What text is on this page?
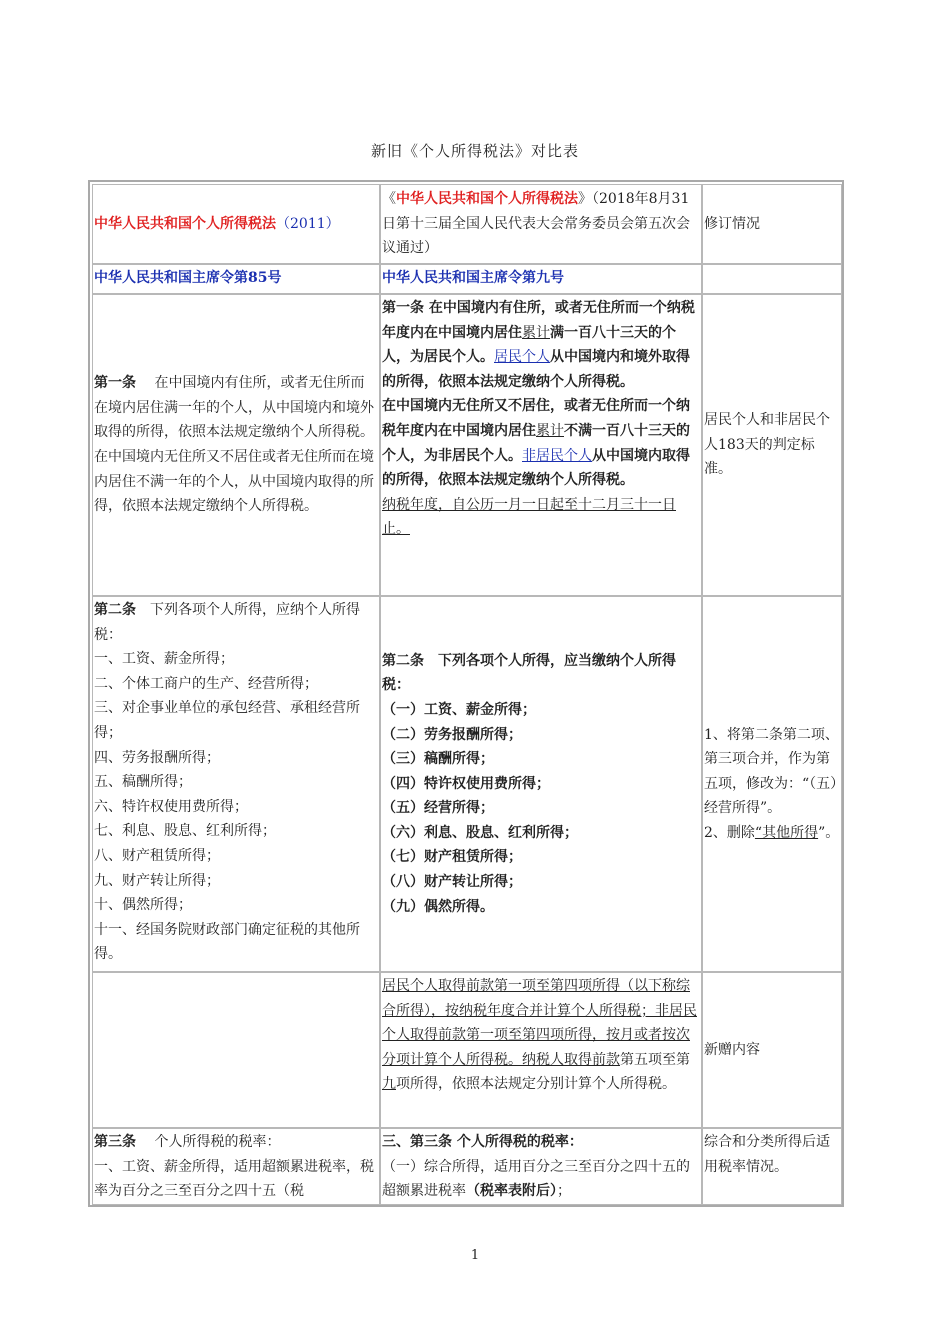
新旧《个人所得税法》对比表

中华人民共和国个人所得税法（2011）

《中华人民共和国个人所得税法》（2018年8月31日第十三届全国人民代表大会常务委员会第五次会议通过）

修订情况

中华人民共和国主席令第85号	中华人民共和国主席令第九号

第一条　 在中国境内有住所，或者无住所而在境内居住满一年的个人，从中国境内和境外取得的所得，依照本法规定缴纳个人所得税。

在中国境内无住所又不居住或者无住所而在境内居住不满一年的个人，从中国境内取得的所得，依照本法规定缴纳个人所得税。

第一条 在中国境内有住所，或者无住所而一个纳税年度内在中国境内居住累计满一百八十三天的个人，为居民个人。居民个人从中国境内和境外取得的所得，依照本法规定缴纳个人所得税。

在中国境内无住所又不居住，或者无住所而一个纳税年度内在中国境内居住累计不满一百八十三天的个人，为非居民个人。非居民个人从中国境内取得的所得，依照本法规定缴纳个人所得税。

纳税年度，自公历一月一日起至十二月三十一日止。

居民个人和非居民个人183天的判定标准。

第二条　下列各项个人所得，应纳个人所得税：

一、工资、薪金所得；

二、个体工商户的生产、经营所得；

三、对企事业单位的承包经营、承租经营所得；

四、劳务报酬所得；

五、稿酬所得；

六、特许权使用费所得；

七、利息、股息、红利所得；

八、财产租赁所得；

九、财产转让所得；

十、偶然所得；

十一、经国务院财政部门确定征税的其他所得。

第二条　下列各项个人所得，应当缴纳个人所得税：

（一）工资、薪金所得；

（二）劳务报酬所得；

（三）稿酬所得；

（四）特许权使用费所得；

（五）经营所得；

（六）利息、股息、红利所得；

（七）财产租赁所得；

（八）财产转让所得；

（九）偶然所得。

1、将第二条第二项、第三项合并，作为第五项，修改为：“（五）经营所得”。

2、删除“其他所得”。

居民个人取得前款第一项至第四项所得（以下称综合所得），按纳税年度合并计算个人所得税；非居民个人取得前款第一项至第四项所得，按月或者按次分项计算个人所得税。纳税人取得前款第五项至第九项所得，依照本法规定分别计算个人所得税。

新赠内容

第三条　 个人所得税的税率：

一、工资、薪金所得，适用超额累进税率，税率为百分之三至百分之四十五（税

三、第三条 个人所得税的税率：

（一）综合所得，适用百分之三至百分之四十五的超额累进税率（税率表附后）；

综合和分类所得后适用税率情况。

1
